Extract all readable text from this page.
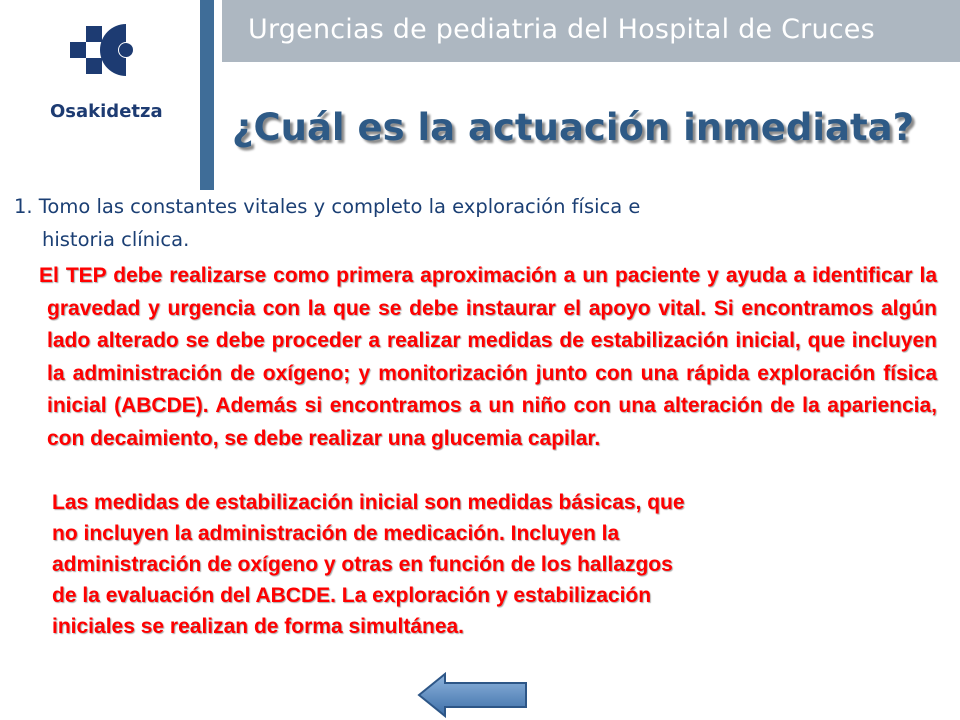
Urgencias de pediatria del Hospital de Cruces
Osakidetza ¿Cuál es la actuación inmediata?
1. Tomo las constantes vitales y completo la exploración física e
historia clínica.
El TEP debe realizarse como primera aproximación a un paciente y ayuda a identificar la gravedad y urgencia con la que se debe instaurar el apoyo vital. Si encontramos algún lado alterado se debe proceder a realizar medidas de estabilización inicial, que incluyen la administración de oxígeno; y monitorización junto con una rápida exploración física inicial (ABCDE). Además si encontramos a un niño con una alteración de la apariencia, con decaimiento, se debe realizar una glucemia capilar.
Las medidas de estabilización inicial son medidas básicas, que
no incluyen la administración de medicación. Incluyen la
administración de oxígeno y otras en función de los hallazgos
de la evaluación del ABCDE. La exploración y estabilización
iniciales se realizan de forma simultánea.
